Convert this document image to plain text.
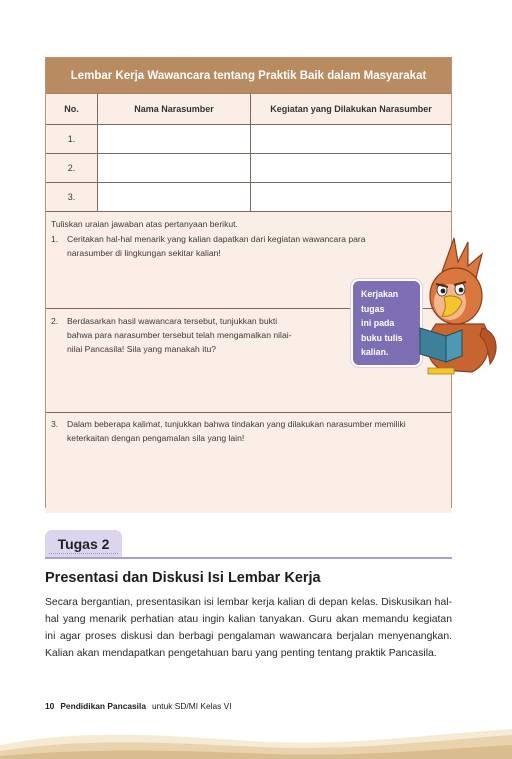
Lembar Kerja Wawancara tentang Praktik Baik dalam Masyarakat
No.	Nama Narasumber	Kegiatan yang Dilakukan Narasumber
1.
2.
3.
Tuliskan uraian jawaban atas pertanyaan berikut.
1.	Ceritakan hal-hal menarik yang kalian dapatkan dari kegiatan wawancara para narasumber di lingkungan sekitar kalian!
2.	Berdasarkan hasil wawancara tersebut, tunjukkan bukti
bahwa para narasumber tersebut telah mengamalkan nilai-
nilai Pancasila! Sila yang manakah itu?
3.	Dalam beberapa kalimat, tunjukkan bahwa tindakan yang dilakukan narasumber memiliki keterkaitan dengan pengamalan sila yang lain!
Kerjakan
tugas
ini pada
buku tulis
kalian.
Tugas 2
Presentasi dan Diskusi Isi Lembar Kerja
Secara bergantian, presentasikan isi lembar kerja kalian di depan kelas. Diskusikan hal-hal yang menarik perhatian atau ingin kalian tanyakan. Guru akan memandu kegiatan ini agar proses diskusi dan berbagi pengalaman wawancara berjalan menyenangkan. Kalian akan mendapatkan pengetahuan baru yang penting tentang praktik Pancasila.
10 Pendidikan Pancasila untuk SD/MI Kelas VI
